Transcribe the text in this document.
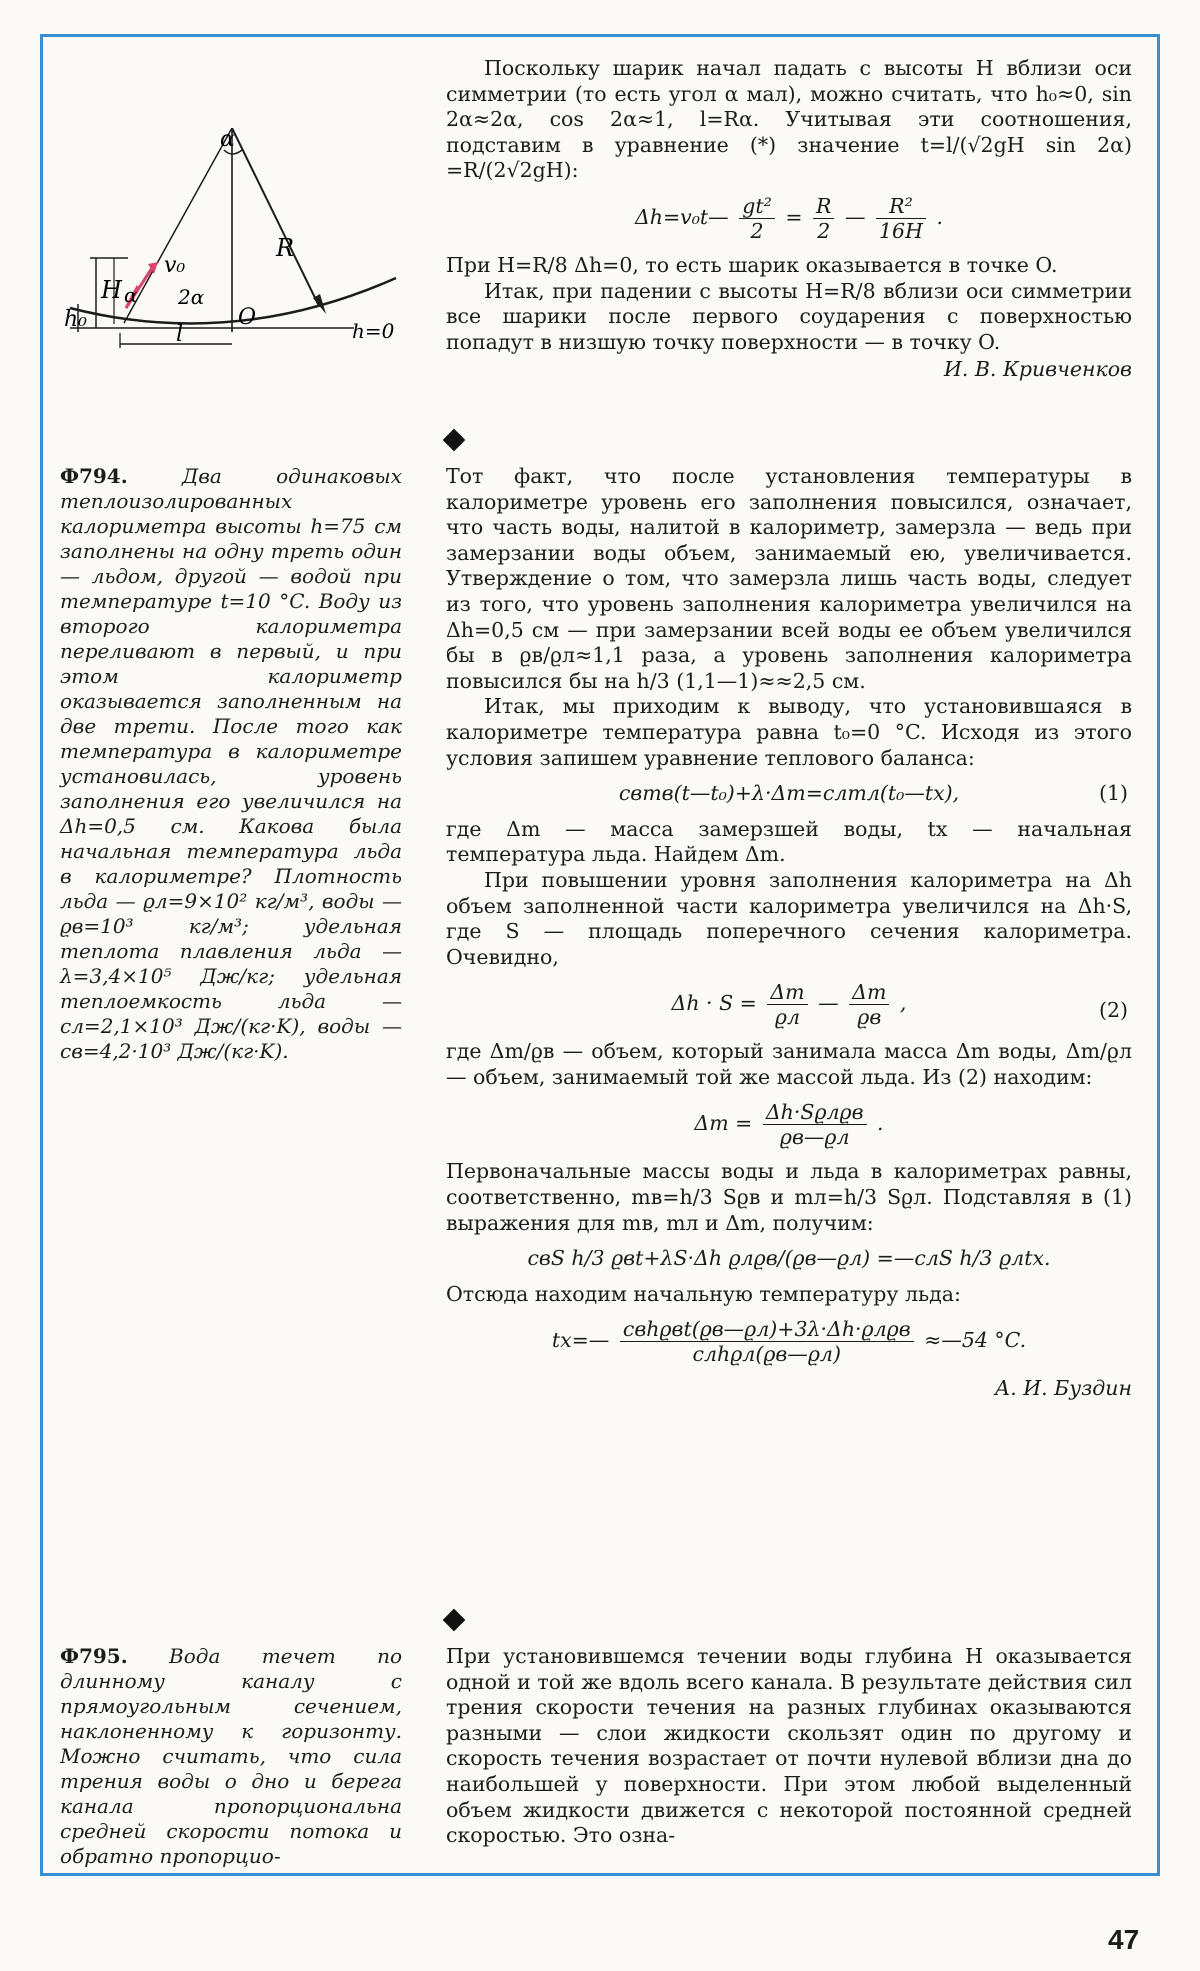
α
v₀
R
H α 2α
h₀	O
l	h=0

Поскольку шарик начал падать с высоты H вблизи оси симметрии (то есть угол α мал), можно считать, что h₀≈0, sin 2α≈2α, cos 2α≈1, l=Rα. Учитывая эти соотношения, подставим в уравнение (*) значение t=l/(√2gH sin 2α) =R/(2√2gH):

Δh=v₀t— $\frac{\text{gt²}}{2} = \frac{R}{2}$ — $\frac{\text{R²}}{16H}$ .

При H=R/8 Δh=0, то есть шарик оказывается в точке O.

Итак, при падении с высоты H=R/8 вблизи оси симметрии все шарики после первого соударения с поверхностью попадут в низшую точку поверхности — в точку O.

И. В. Кривченков

Ф794.	Два одинаковых теплоизолированных калориметра высоты h=75 см заполнены на одну треть один — льдом, другой — водой при температуре t=10 °C. Воду из второго калориметра переливают в первый, и при этом калориметр оказывается заполненным на две трети. После того как температура в калориметре установилась, уровень заполнения его увеличился на Δh=0,5 см. Какова была начальная температура льда в калориметре? Плотность льда — ϱл=9×10² кг/м³, воды — ϱв=10³ кг/м³; удельная теплота плавления льда — λ=3,4×10⁵ Дж/кг; удельная теплоемкость льда — cл=2,1×10³ Дж/(кг·K), воды — cв=4,2·10³ Дж/(кг·K).

Тот факт, что после установления температуры в калориметре уровень его заполнения повысился, означает, что часть воды, налитой в калориметр, замерзла — ведь при замерзании воды объем, занимаемый ею, увеличивается. Утверждение о том, что замерзла лишь часть воды, следует из того, что уровень заполнения калориметра увеличился на Δh=0,5 см — при замерзании всей воды ее объем увеличился бы в ϱв/ϱл≈1,1 раза, а уровень заполнения калориметра повысился бы на h/3 (1,1—1)≈≈2,5 см.

Итак, мы приходим к выводу, что установившаяся в калориметре температура равна t₀=0 °C. Исходя из этого условия запишем уравнение теплового баланса:

cвmв(t—t₀)+λ·Δm=cлmл(t₀—tx),	(1)

где Δm — масса замерзшей воды, tx — начальная температура льда. Найдем Δm.

При повышении уровня заполнения калориметра на Δh объем заполненной части калориметра увеличился на Δh·S, где S — площадь поперечного сечения калориметра. Очевидно,

$\Delta h \cdot S = \frac{\Delta m}{ϱл}$ — $\frac{\Delta m}{ϱв}$ ,	(2)

где Δm/ϱв — объем, который занимала масса Δm воды, Δm/ϱл — объем, занимаемый той же массой льда. Из (2) находим:

$\Delta m = \frac{\text{Δh·Sϱлϱв}}{ϱв—ϱл}$ .

Первоначальные массы воды и льда в калориметрах равны, соответственно, mв=h/3 Sϱв и mл=h/3 Sϱл. Подставляя в (1) выражения для mв, mл и Δm, получим:

cвS h/3 ϱвt+λS·Δh ϱлϱв/(ϱв—ϱл) =—cлS h/3 ϱлtx.

Отсюда находим начальную температуру льда:

tx=— $\frac{\text{cвhϱвt(ϱв—ϱл)+3λ·Δh·ϱлϱв}}{\text{cлhϱл(ϱв—ϱл)}}$ ≈—54 °C.

А. И. Буздин

Ф795. Вода течет по длинному каналу с прямоугольным сечением, наклоненному к горизонту. Можно считать, что сила трения воды о дно и берега канала пропорциональна средней скорости потока и обратно пропорцио-

При установившемся течении воды глубина H оказывается одной и той же вдоль всего канала. В результате действия сил трения скорости течения на разных глубинах оказываются разными — слои жидкости скользят один по другому и скорость течения возрастает от почти нулевой вблизи дна до наибольшей у поверхности. При этом любой выделенный объем жидкости движется с некоторой постоянной средней скоростью. Это озна-

47
